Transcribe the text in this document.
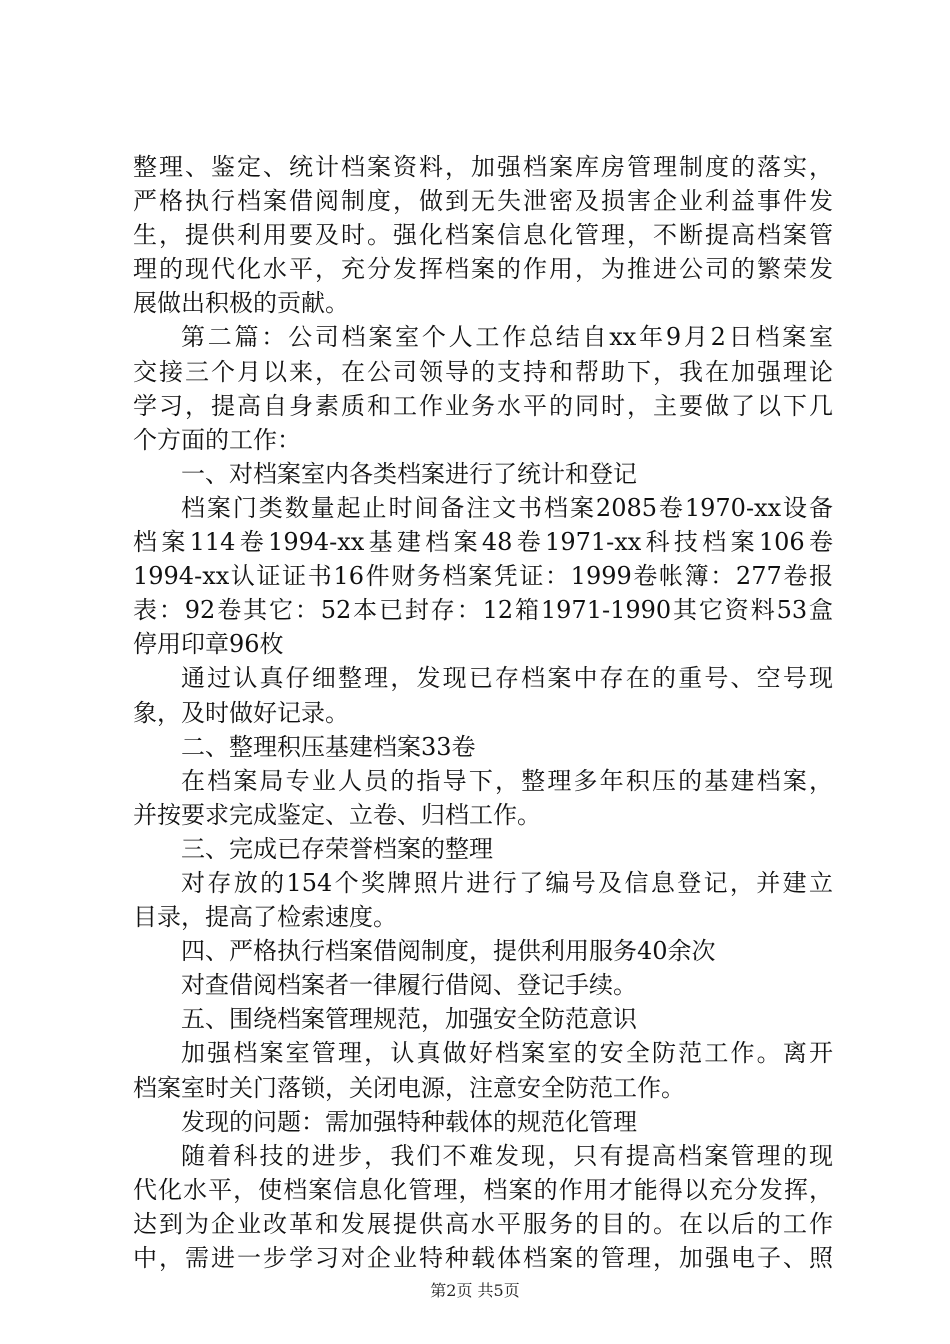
整理、鉴定、统计档案资料，加强档案库房管理制度的落实，
严格执行档案借阅制度，做到无失泄密及损害企业利益事件发
生，提供利用要及时。强化档案信息化管理，不断提高档案管
理的现代化水平，充分发挥档案的作用，为推进公司的繁荣发
展做出积极的贡献。
第二篇：公司档案室个人工作总结自xx年9月2日档案室
交接三个月以来，在公司领导的支持和帮助下，我在加强理论
学习，提高自身素质和工作业务水平的同时，主要做了以下几
个方面的工作：
一、对档案室内各类档案进行了统计和登记
档案门类数量起止时间备注文书档案2085卷1970-xx设备
档案114卷1994-xx基建档案48卷1971-xx科技档案106卷
1994-xx认证证书16件财务档案凭证：1999卷帐簿：277卷报
表：92卷其它：52本已封存：12箱1971-1990其它资料53盒
停用印章96枚
通过认真仔细整理，发现已存档案中存在的重号、空号现
象，及时做好记录。
二、整理积压基建档案33卷
在档案局专业人员的指导下，整理多年积压的基建档案，
并按要求完成鉴定、立卷、归档工作。
三、完成已存荣誉档案的整理
对存放的154个奖牌照片进行了编号及信息登记，并建立
目录，提高了检索速度。
四、严格执行档案借阅制度，提供利用服务40余次
对查借阅档案者一律履行借阅、登记手续。
五、围绕档案管理规范，加强安全防范意识
加强档案室管理，认真做好档案室的安全防范工作。离开
档案室时关门落锁，关闭电源，注意安全防范工作。
发现的问题：需加强特种载体的规范化管理
随着科技的进步，我们不难发现，只有提高档案管理的现
代化水平，使档案信息化管理，档案的作用才能得以充分发挥，
达到为企业改革和发展提供高水平服务的目的。在以后的工作
中，需进一步学习对企业特种载体档案的管理，加强电子、照
第2页 共5页
